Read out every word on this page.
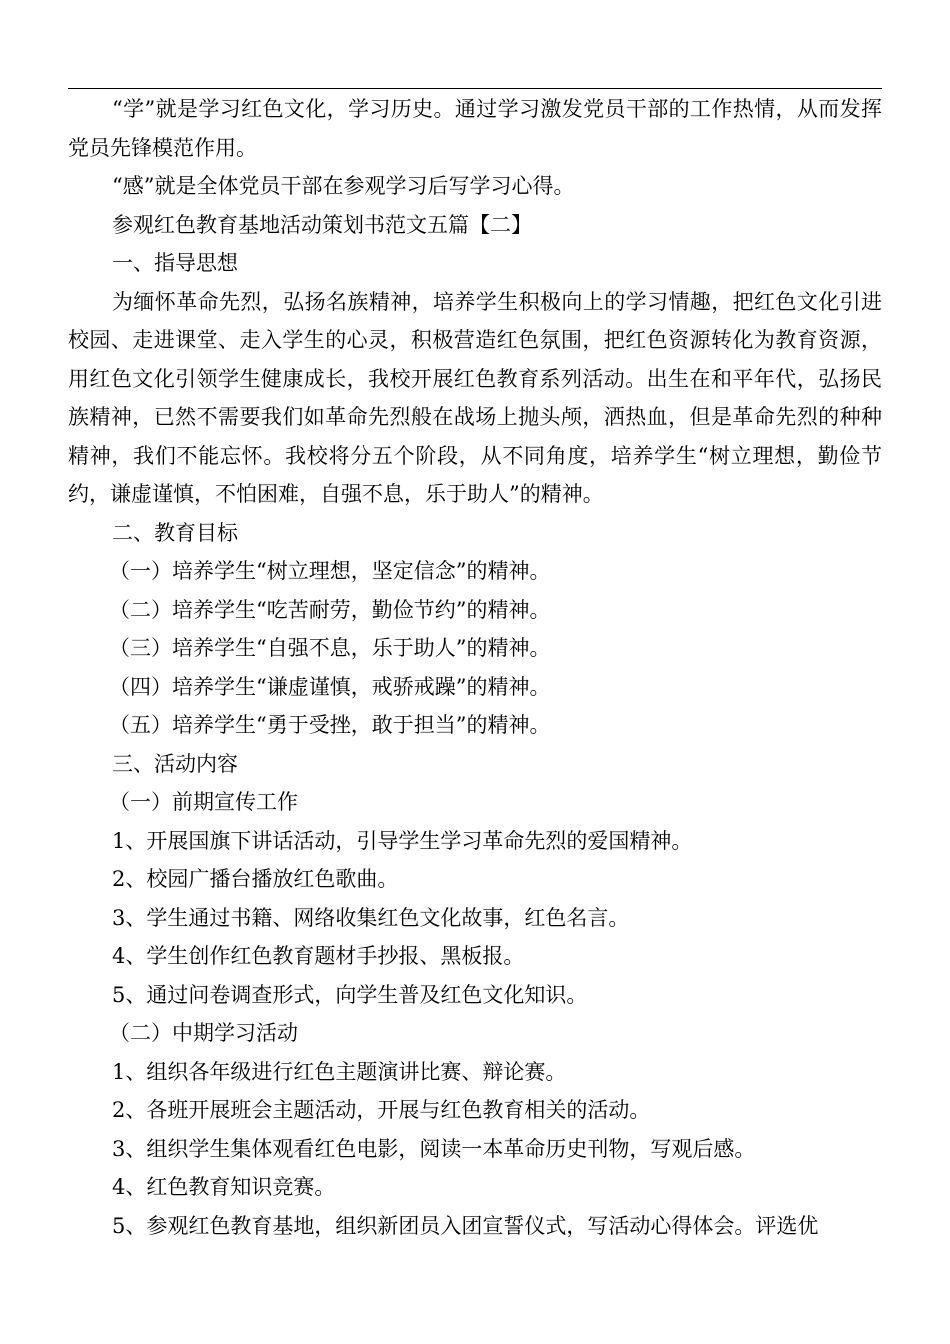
“学”就是学习红色文化，学习历史。通过学习激发党员干部的工作热情，从而发挥党员先锋模范作用。

“感”就是全体党员干部在参观学习后写学习心得。

参观红色教育基地活动策划书范文五篇【二】

一、指导思想

为缅怀革命先烈，弘扬名族精神，培养学生积极向上的学习情趣，把红色文化引进校园、走进课堂、走入学生的心灵，积极营造红色氛围，把红色资源转化为教育资源，用红色文化引领学生健康成长，我校开展红色教育系列活动。出生在和平年代，弘扬民族精神，已然不需要我们如革命先烈般在战场上抛头颅，洒热血，但是革命先烈的种种精神，我们不能忘怀。我校将分五个阶段，从不同角度，培养学生“树立理想，勤俭节约，谦虚谨慎，不怕困难，自强不息，乐于助人”的精神。

二、教育目标

（一）培养学生“树立理想，坚定信念”的精神。

（二）培养学生“吃苦耐劳，勤俭节约”的精神。

（三）培养学生“自强不息，乐于助人”的精神。

（四）培养学生“谦虚谨慎，戒骄戒躁”的精神。

（五）培养学生“勇于受挫，敢于担当”的精神。

三、活动内容

（一）前期宣传工作

1、开展国旗下讲话活动，引导学生学习革命先烈的爱国精神。

2、校园广播台播放红色歌曲。

3、学生通过书籍、网络收集红色文化故事，红色名言。

4、学生创作红色教育题材手抄报、黑板报。

5、通过问卷调查形式，向学生普及红色文化知识。

（二）中期学习活动

1、组织各年级进行红色主题演讲比赛、辩论赛。

2、各班开展班会主题活动，开展与红色教育相关的活动。

3、组织学生集体观看红色电影，阅读一本革命历史刊物，写观后感。

4、红色教育知识竞赛。

5、参观红色教育基地，组织新团员入团宣誓仪式，写活动心得体会。评选优
